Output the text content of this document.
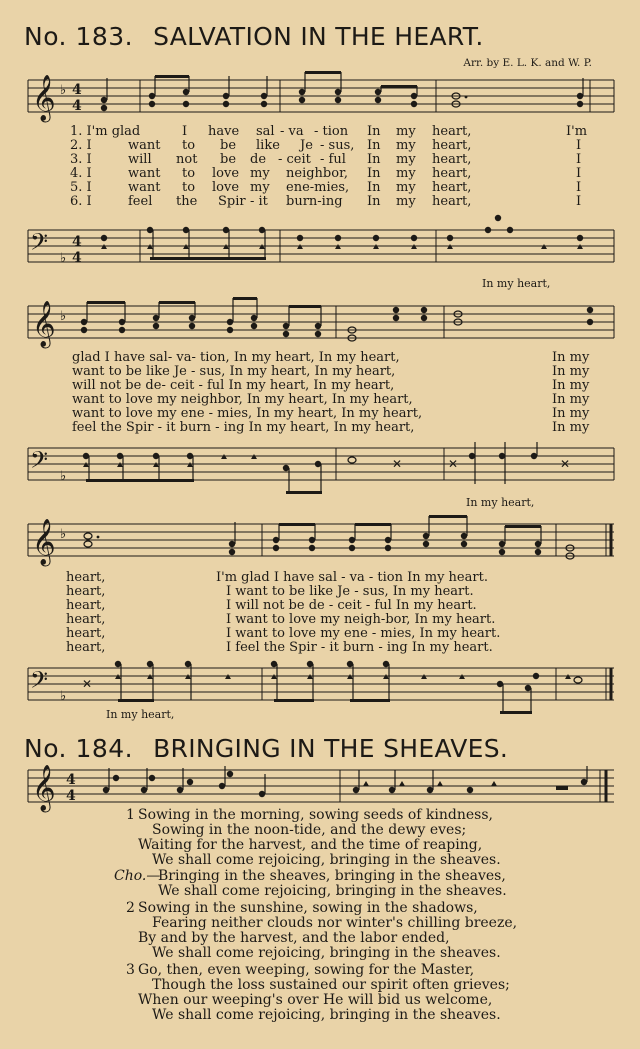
No. 183. SALVATION IN THE HEART.
Arr. by E. L. K. and W. P.
𝄞 ♭ 4
4
1. I'm glad	I have sal - va - tion In my heart,	I'm
2. I	want to be like Je - sus, In my heart,	I
3. I	will not be de - ceit - ful In my heart,	I
4. I	want to love my neighbor, In my heart,	I
5. I	want to love my ene-mies, In my heart,	I
6. I	feel the Spir - it burn-ing In my heart,	I
𝄢 ♭
4
4
In my heart,
𝄞 ♭
glad I have sal- va- tion, In my heart, In my heart,
want to be like Je - sus, In my heart, In my heart,
will not be de- ceit - ful In my heart, In my heart,
want to love my neighbor, In my heart, In my heart,
want to love my ene - mies, In my heart, In my heart,
feel the Spir - it burn - ing In my heart, In my heart,
In my
In my
In my
In my
In my
In my
𝄢 ♭
✕	✕	✕
In my heart,
𝄞 ♭
heart,
heart,
heart,
heart,
heart,
heart,
I'm glad I have sal - va - tion In my heart.
I want to be like Je - sus, In my heart.
I will not be de - ceit - ful In my heart.
I want to love my neigh-bor, In my heart.
I want to love my ene - mies, In my heart.
I feel the Spir - it burn - ing In my heart.
𝄢 ♭
✕
In my heart,
No. 184. BRINGING IN THE SHEAVES.
𝄞 4
4
1 Sowing in the morning, sowing seeds of kindness,
Sowing in the noon-tide, and the dewy eves;
Waiting for the harvest, and the time of reaping,
We shall come rejoicing, bringing in the sheaves.
Cho.—
Bringing in the sheaves, bringing in the sheaves,
We shall come rejoicing, bringing in the sheaves.
2 Sowing in the sunshine, sowing in the shadows,
Fearing neither clouds nor winter's chilling breeze,
By and by the harvest, and the labor ended,
We shall come rejoicing, bringing in the sheaves.
3 Go, then, even weeping, sowing for the Master,
Though the loss sustained our spirit often grieves;
When our weeping's over He will bid us welcome,
We shall come rejoicing, bringing in the sheaves.
